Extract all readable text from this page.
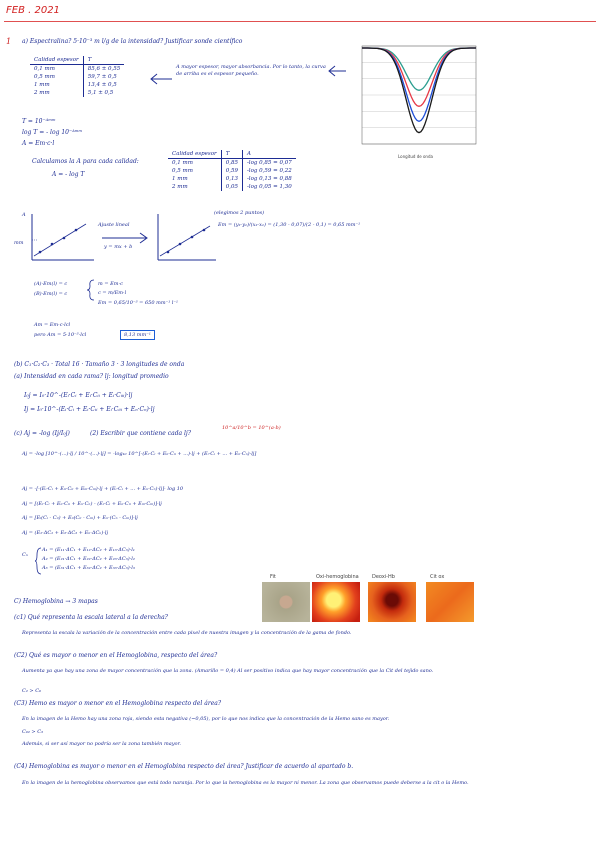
FEB . 2021
1 a) Espectralina? 5·10⁻³ m l/g de la intensidad? Justificar sonde científico
Calidad espesor	T
0,1 mm	85,6 ± 0,55
0,5 mm	59,7 ± 0,5
1 mm	13,4 ± 0,5
2 mm	5,1 ± 0,5
A mayor espesor, mayor absorbancia. Por lo tanto, la curva de arriba es el espesor pequeño.
Longitud de onda
T = 10⁻ᴬᵐᵐ
log T = - log 10⁻ᴬᵐᵐ
A = Em·c·l
Calculamos la A para cada calidad:
A = - log T
Calidad espesor	T	A
0,1 mm	0,85	-log 0,85 = 0,07
0,5 mm	0,59	-log 0,59 = 0,22
1 mm	0,13	-log 0,13 = 0,88
2 mm	0,05	-log 0,05 = 1,30
A
mm
Ajuste lineal
y = mx + b
(elegimos 2 puntos)
Em = (y₂-y₁)/(x₂-x₁) = (1,30 - 0,07)/(2 - 0,1) = 0,65 mm⁻¹
(A)·Em(l) = c
(B)·Em(l) = c
m = Em·c
c = m/Em·l
Em = 0,65/10⁻³ = 650 mm⁻¹ l⁻¹
Am = Em·c·lcl
pero Am = 5·10⁻³·lcl	8,13 mm⁻¹
(b) C₁·C₂·C₃ · Total 16 · Tamaño 3 · 3 longitudes de onda
(a) Intensidad en cada rama? lj: longitud promedio
I₀j = I₀·10^-(Eᵢ·Cᵢ + Eᵢ·Cᵢᵢ + Eᵢ·Cᵢᵢᵢ)·lj
Ij = I₀·10^-(Eᵢ·Cᵢ + Eᵢ·Cᵢᵢ + Eᵢ·Cᵢᵢᵢ + Eₙ·Cₙ)·lj
(c) Aj = -log (Ij/I₀j)	(2) Escribir que contiene cada lj?
10^a/10^b = 10^(a-b)
Aj = -log [10^-(...)·lj / 10^-(...)·lj] = -log₁₀ 10^[-(Eᵢ·Cᵢ + Eᵢᵢ·Cᵢᵢ + ...)·lj + (Eᵢ·Cᵢ + ... + Eₙ·Cₙ)·lj]
Aj = -[-(Eᵢ·Cᵢ + Eᵢᵢ·Cᵢᵢ + Eᵢᵢᵢ·Cᵢᵢᵢ)·lj + (Eᵢ·Cᵢ + ... + Eₙ·Cₙ)·lj]· log 10
Aj = [(Eᵢ·Cᵢ + Eᵢᵢ·Cᵢᵢ + Eₙ·Cₙ) - (Eᵢ·Cᵢ + Eᵢᵢ·Cᵢᵢ + Eᵢᵢᵢ·Cᵢᵢᵢ)]·lj
Aj = [Eᵢ(Cᵢ - Cᵢᵢ) + Eᵢᵢ(Cᵢᵢ - Cᵢᵢᵢ) + Eₙ·(Cₙ - Cᵢᵢᵢ)]·lj
Aj = (E₁·ΔC₁ + E₂·ΔC₂ + Eₙ·ΔCₙ)·lj
Cₙ
A₁ = (E₁₁·ΔC₁ + E₁₂·ΔC₂ + E₁₃·ΔC₃)·l₁
A₂ = (E₂₁·ΔC₁ + E₂₂·ΔC₂ + E₂₃·ΔC₃)·l₂
A₃ = (E₃₁·ΔC₁ + E₃₂·ΔC₂ + E₃₃·ΔC₃)·l₃
C) Hemoglobina → 3 mapas
Fit	Oxi-hemoglobina	Deoxi-Hb	Cit ox
(c1) Qué representa la escala lateral a la derecha?
Representa la escala la variación de la concentración entre cada pixel de nuestra imagen y la concentración de la gama de fondo.
(C2) Qué es mayor o menor en el Hemoglobina, respecto del área?
Aumenta ya que hay una zona de mayor concentración que la zona. (Amarillo = 0,4) Al ser positivo indica que hay mayor concentración que la Cit del tejido sano.
C₂ > C₀
(C3) Hemo es mayor o menor en el Hemoglobina respecto del área?
En la imagen de la Hemo hay una zona roja, siendo esta negativa (~0,05), por lo que nos indica que la concentración de la Hemo sano es mayor.
C₀₂ > C₃
Además, si ser así mayor no podría ser la zona también mayor.
(C4) Hemoglobina es mayor o menor en el Hemoglobina respecto del área? Justificar de acuerdo al apartado b.
En la imagen de la hemoglobina observamos que está todo naranja. Por lo que la hemoglobina es la mayor ni menor. La zona que observamos puede deberse a la cit o la Hemo.
